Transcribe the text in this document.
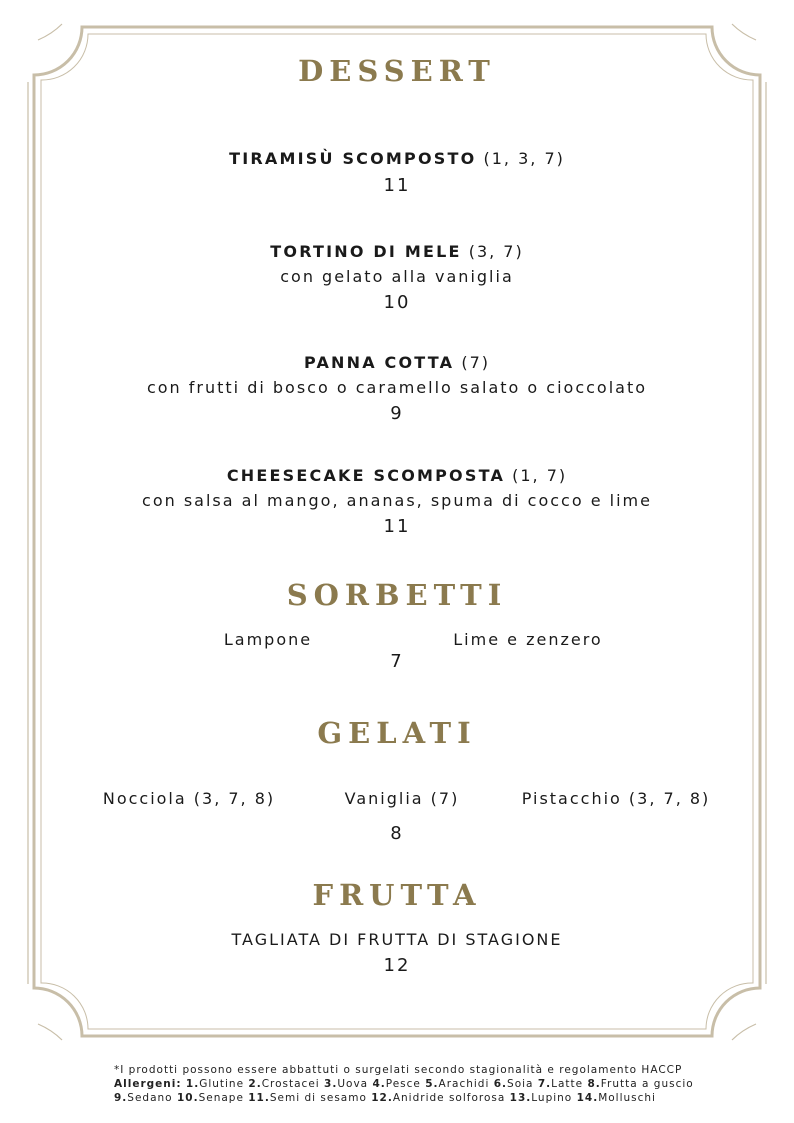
DESSERT
TIRAMISÙ SCOMPOSTO (1, 3, 7)
11
TORTINO DI MELE (3, 7)
con gelato alla vaniglia
10
PANNA COTTA (7)
con frutti di bosco o caramello salato o cioccolato
9
CHEESECAKE SCOMPOSTA (1, 7)
con salsa al mango, ananas, spuma di cocco e lime
11
SORBETTI
Lampone	Lime e zenzero
7
GELATI
Nocciola (3, 7, 8)	Vaniglia (7)	Pistacchio (3, 7, 8)
8
FRUTTA
TAGLIATA DI FRUTTA DI STAGIONE
12
*I prodotti possono essere abbattuti o surgelati secondo stagionalità e regolamento HACCP
Allergeni: 1.Glutine 2.Crostacei 3.Uova 4.Pesce 5.Arachidi 6.Soia 7.Latte 8.Frutta a guscio
9.Sedano 10.Senape 11.Semi di sesamo 12.Anidride solforosa 13.Lupino 14.Molluschi
